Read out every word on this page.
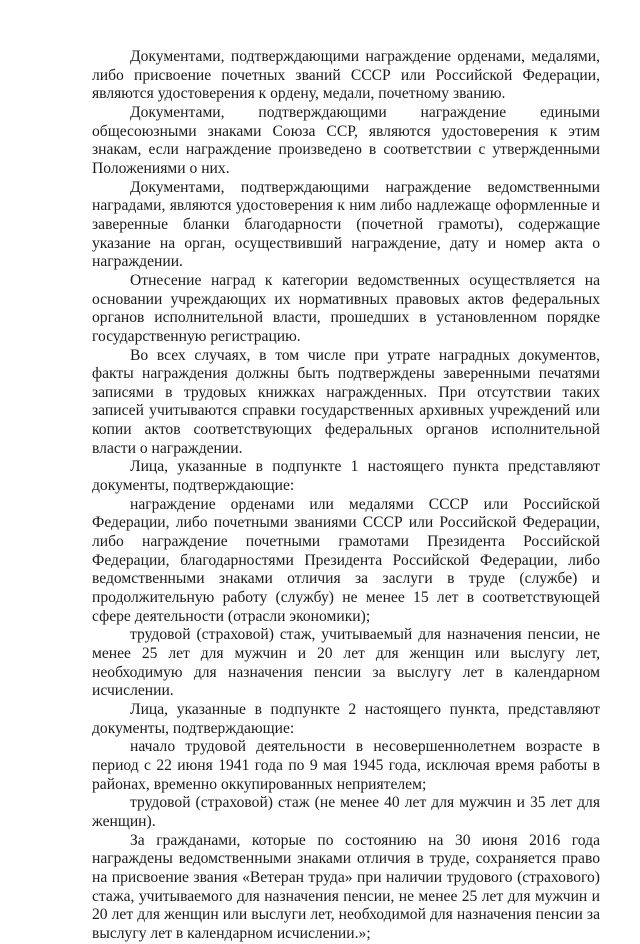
Документами, подтверждающими награждение орденами, медалями, либо присвоение почетных званий СССР или Российской Федерации, являются удостоверения к ордену, медали, почетному званию.

Документами, подтверждающими награждение едиными общесоюзными знаками Союза ССР, являются удостоверения к этим знакам, если награждение произведено в соответствии с утвержденными Положениями о них.

Документами, подтверждающими награждение ведомственными наградами, являются удостоверения к ним либо надлежаще оформленные и заверенные бланки благодарности (почетной грамоты), содержащие указание на орган, осуществивший награждение, дату и номер акта о награждении.

Отнесение наград к категории ведомственных осуществляется на основании учреждающих их нормативных правовых актов федеральных органов исполнительной власти, прошедших в установленном порядке государственную регистрацию.

Во всех случаях, в том числе при утрате наградных документов, факты награждения должны быть подтверждены заверенными печатями записями в трудовых книжках награжденных. При отсутствии таких записей учитываются справки государственных архивных учреждений или копии актов соответствующих федеральных органов исполнительной власти о награждении.

Лица, указанные в подпункте 1 настоящего пункта представляют документы, подтверждающие:

награждение орденами или медалями СССР или Российской Федерации, либо почетными званиями СССР или Российской Федерации, либо награждение почетными грамотами Президента Российской Федерации, благодарностями Президента Российской Федерации, либо ведомственными знаками отличия за заслуги в труде (службе) и продолжительную работу (службу) не менее 15 лет в соответствующей сфере деятельности (отрасли экономики);

трудовой (страховой) стаж, учитываемый для назначения пенсии, не менее 25 лет для мужчин и 20 лет для женщин или выслугу лет, необходимую для назначения пенсии за выслугу лет в календарном исчислении.

Лица, указанные в подпункте 2 настоящего пункта, представляют документы, подтверждающие:

начало трудовой деятельности в несовершеннолетнем возрасте в период с 22 июня 1941 года по 9 мая 1945 года, исключая время работы в районах, временно оккупированных неприятелем;

трудовой (страховой) стаж (не менее 40 лет для мужчин и 35 лет для женщин).

За гражданами, которые по состоянию на 30 июня 2016 года награждены ведомственными знаками отличия в труде, сохраняется право на присвоение звания «Ветеран труда» при наличии трудового (страхового) стажа, учитываемого для назначения пенсии, не менее 25 лет для мужчин и 20 лет для женщин или выслуги лет, необходимой для назначения пенсии за выслугу лет в календарном исчислении.»;
